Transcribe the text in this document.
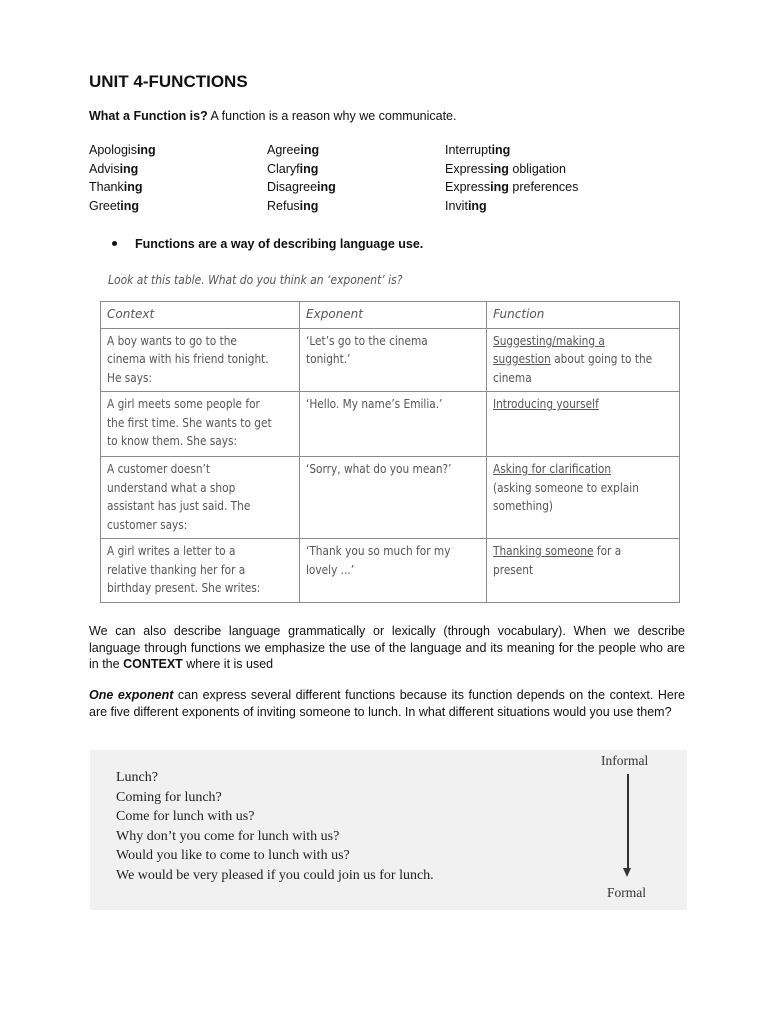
UNIT 4-FUNCTIONS
What a Function is? A function is a reason why we communicate.
Apologising
Advising
Thanking
Greeting
Agreeing
Claryfing
Disagreeing
Refusing
Interrupting
Expressing obligation
Expressing preferences
Inviting
Functions are a way of describing language use.
Look at this table. What do you think an ‘exponent’ is?
Context	Exponent	Function
A boy wants to go to the
cinema with his friend tonight.
He says:	‘Let’s go to the cinema
tonight.’	Suggesting/making a
suggestion about going to the
cinema

A girl meets some people for
the first time. She wants to get
to know them. She says:	‘Hello. My name’s Emilia.’	Introducing yourself

A customer doesn’t
understand what a shop
assistant has just said. The
customer says:	‘Sorry, what do you mean?’	Asking for clarification
(asking someone to explain
something)

A girl writes a letter to a
relative thanking her for a
birthday present. She writes:	‘Thank you so much for my
lovely ...’	Thanking someone for a
present

We can also describe language grammatically or lexically (through vocabulary). When we describe language through functions we emphasize the use of the language and its meaning for the people who are in the CONTEXT where it is used
One exponent can express several different functions because its function depends on the context. Here are five different exponents of inviting someone to lunch. In what different situations would you use them?
Lunch?
Coming for lunch?
Come for lunch with us?
Why don’t you come for lunch with us?
Would you like to come to lunch with us?
We would be very pleased if you could join us for lunch.
Informal
Formal
